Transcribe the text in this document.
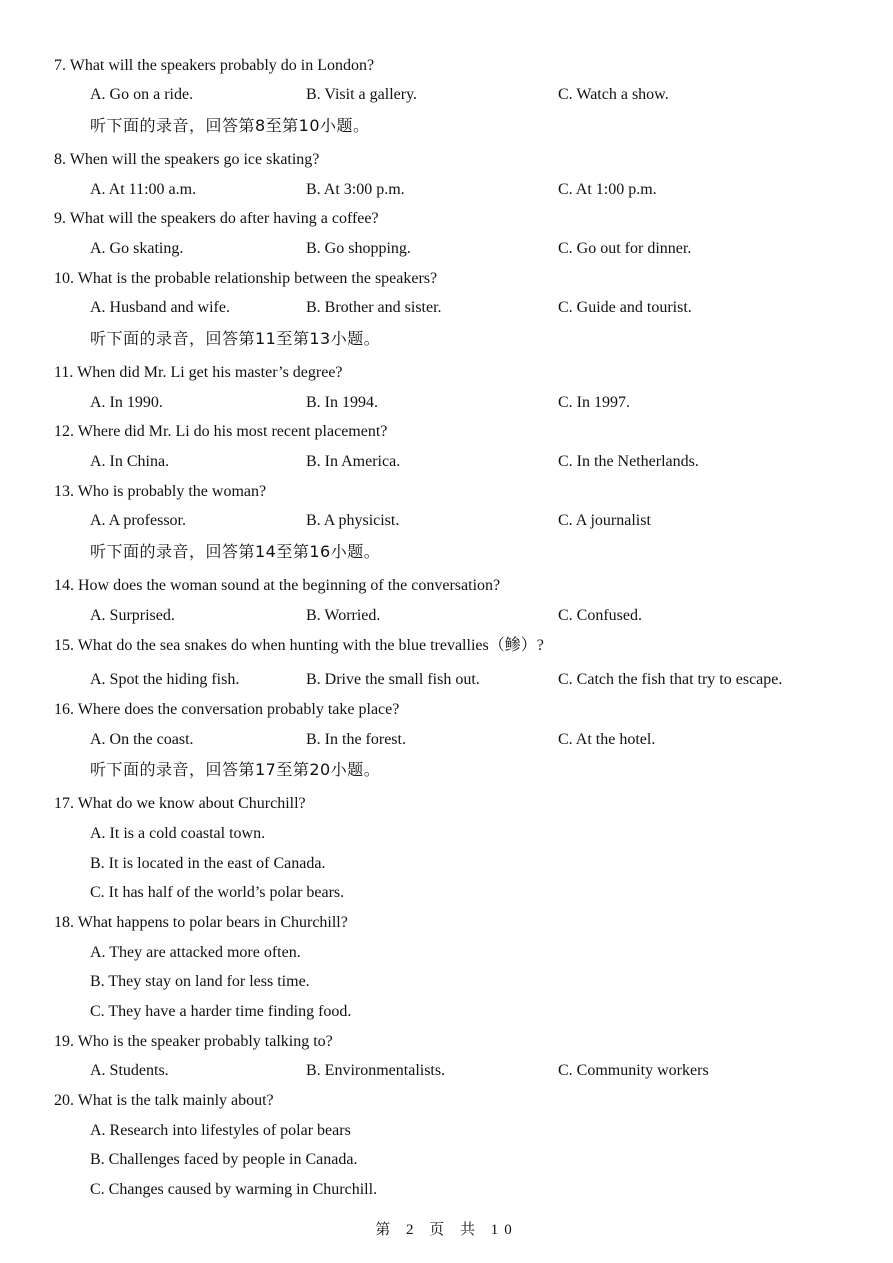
7. What will the speakers probably do in London?
A. Go on a ride.	B. Visit a gallery.	C. Watch a show.
听下面的录音，回答第8至第10小题。
8. When will the speakers go ice skating?
A. At 11:00 a.m.	B. At 3:00 p.m.	C. At 1:00 p.m.
9. What will the speakers do after having a coffee?
A. Go skating.	B. Go shopping.	C. Go out for dinner.
10. What is the probable relationship between the speakers?
A. Husband and wife.	B. Brother and sister.	C. Guide and tourist.
听下面的录音，回答第11至第13小题。
11. When did Mr. Li get his master’s degree?
A. In 1990.	B. In 1994.	C. In 1997.
12. Where did Mr. Li do his most recent placement?
A. In China.	B. In America.	C. In the Netherlands.
13. Who is probably the woman?
A. A professor.	B. A physicist.	C. A journalist
听下面的录音，回答第14至第16小题。
14. How does the woman sound at the beginning of the conversation?
A. Surprised.	B. Worried.	C. Confused.
15. What do the sea snakes do when hunting with the blue trevallies（鲹）?
A. Spot the hiding fish.	B. Drive the small fish out.	C. Catch the fish that try to escape.
16. Where does the conversation probably take place?
A. On the coast.	B. In the forest.	C. At the hotel.
听下面的录音，回答第17至第20小题。
17. What do we know about Churchill?
A. It is a cold coastal town.
B. It is located in the east of Canada.
C. It has half of the world’s polar bears.
18. What happens to polar bears in Churchill?
A. They are attacked more often.
B. They stay on land for less time.
C. They have a harder time finding food.
19. Who is the speaker probably talking to?
A. Students.	B. Environmentalists.	C. Community workers
20. What is the talk mainly about?
A. Research into lifestyles of polar bears
B. Challenges faced by people in Canada.
C. Changes caused by warming in Churchill.
第 2 页 共 10
